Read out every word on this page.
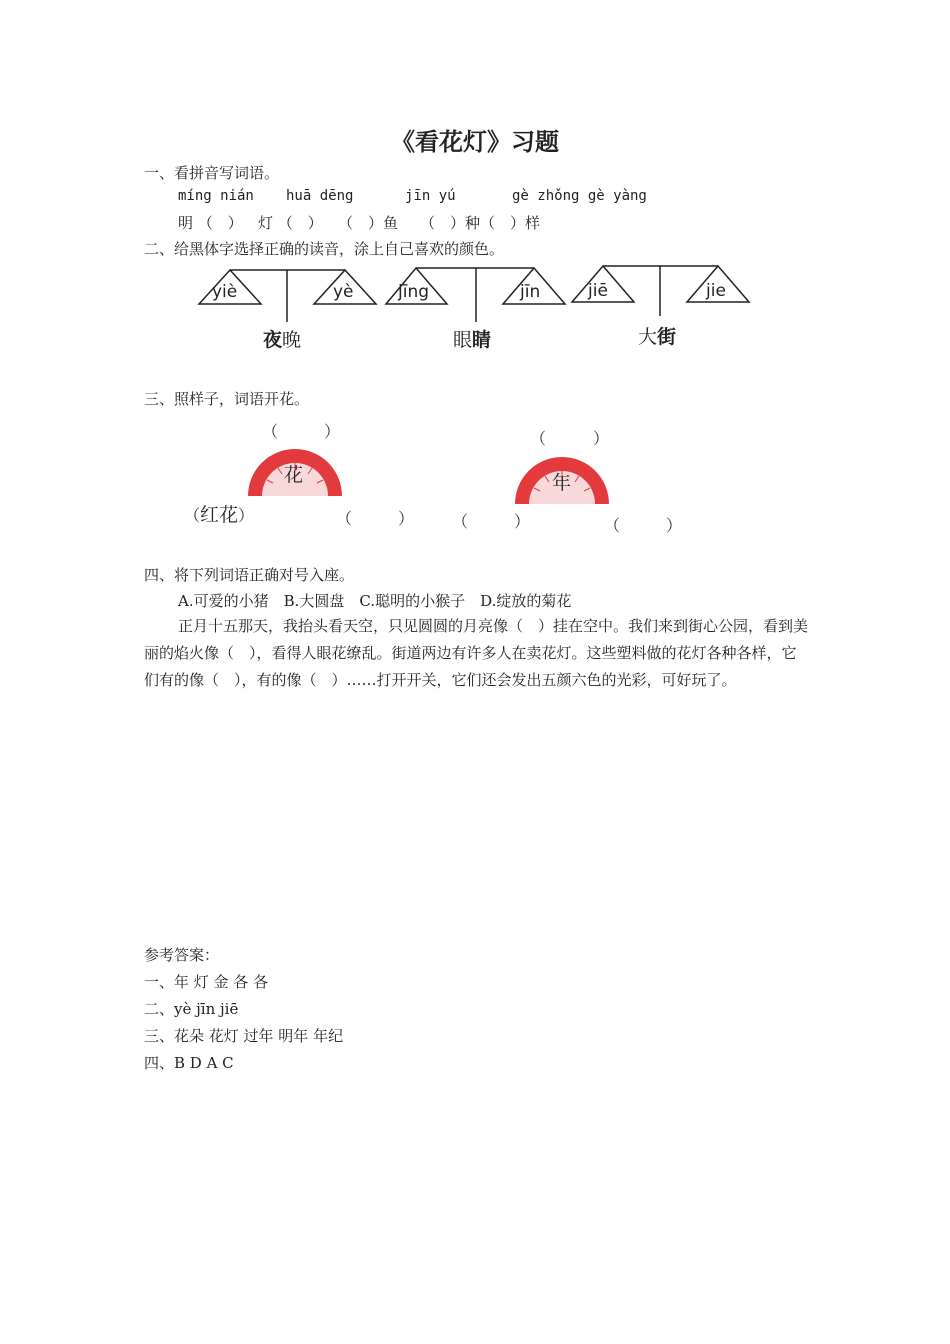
《看花灯》习题
一、看拼音写词语。
míng nián huā dēng	jīn yú	gè zhǒng gè yàng
明 （　） 灯 （　） （　）鱼 （　）种（　）样
二、给黑体字选择正确的读音，涂上自己喜欢的颜色。
yiè	yè
夜晚
jīng	jīn
眼睛
jiē	jie
大街
三、照样子，词语开花。
花	年
（	）
（红花）	（	）
（	）
（	）	（	）
四、将下列词语正确对号入座。
A.可爱的小猪　B.大圆盘　C.聪明的小猴子　D.绽放的菊花
正月十五那天，我抬头看天空，只见圆圆的月亮像（　）挂在空中。我们来到街心公园，看到美丽的焰火像（　），看得人眼花缭乱。街道两边有许多人在卖花灯。这些塑料做的花灯各种各样，它们有的像（　），有的像（　）……打开开关，它们还会发出五颜六色的光彩，可好玩了。
参考答案：
一、年 灯 金 各 各
二、yè jīn jiē
三、花朵 花灯 过年 明年 年纪
四、B D A C
